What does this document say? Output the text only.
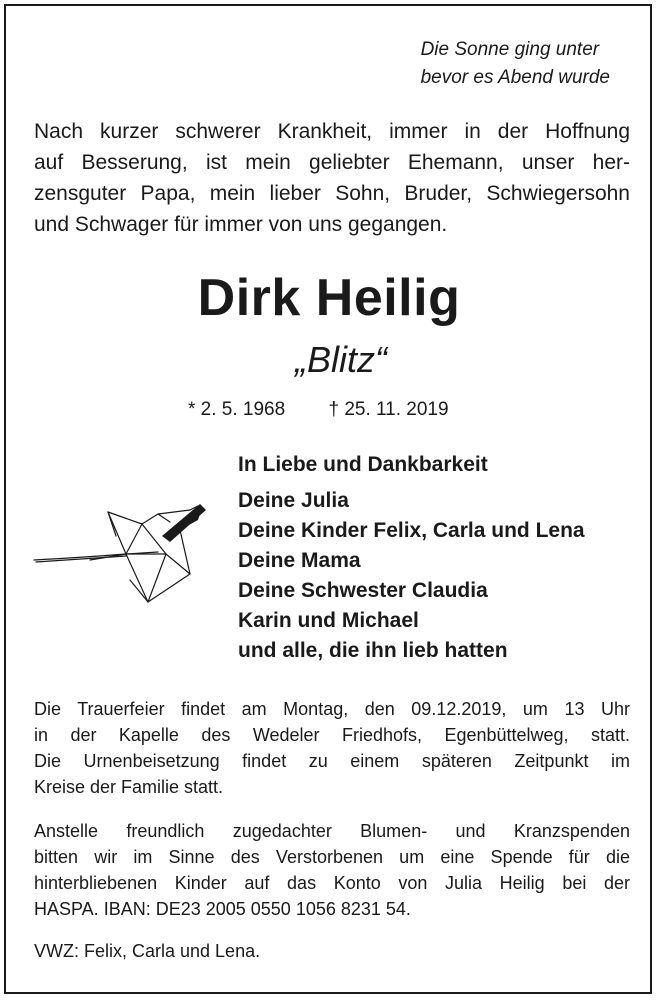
Die Sonne ging unter
bevor es Abend wurde
Nach kurzer schwerer Krankheit, immer in der Hoffnung
auf Besserung, ist mein geliebter Ehemann, unser her-
zensguter Papa, mein lieber Sohn, Bruder, Schwiegersohn
und Schwager für immer von uns gegangen.
Dirk Heilig
„Blitz“
* 2. 5. 1968 † 25. 11. 2019
In Liebe und Dankbarkeit
Deine Julia
Deine Kinder Felix, Carla und Lena
Deine Mama
Deine Schwester Claudia
Karin und Michael
und alle, die ihn lieb hatten
Die Trauerfeier findet am Montag, den 09.12.2019, um 13 Uhr
in der Kapelle des Wedeler Friedhofs, Egenbüttelweg, statt.
Die Urnenbeisetzung findet zu einem späteren Zeitpunkt im
Kreise der Familie statt.
Anstelle freundlich zugedachter Blumen- und Kranzspenden
bitten wir im Sinne des Verstorbenen um eine Spende für die
hinterbliebenen Kinder auf das Konto von Julia Heilig bei der
HASPA. IBAN: DE23 2005 0550 1056 8231 54.
VWZ: Felix, Carla und Lena.
